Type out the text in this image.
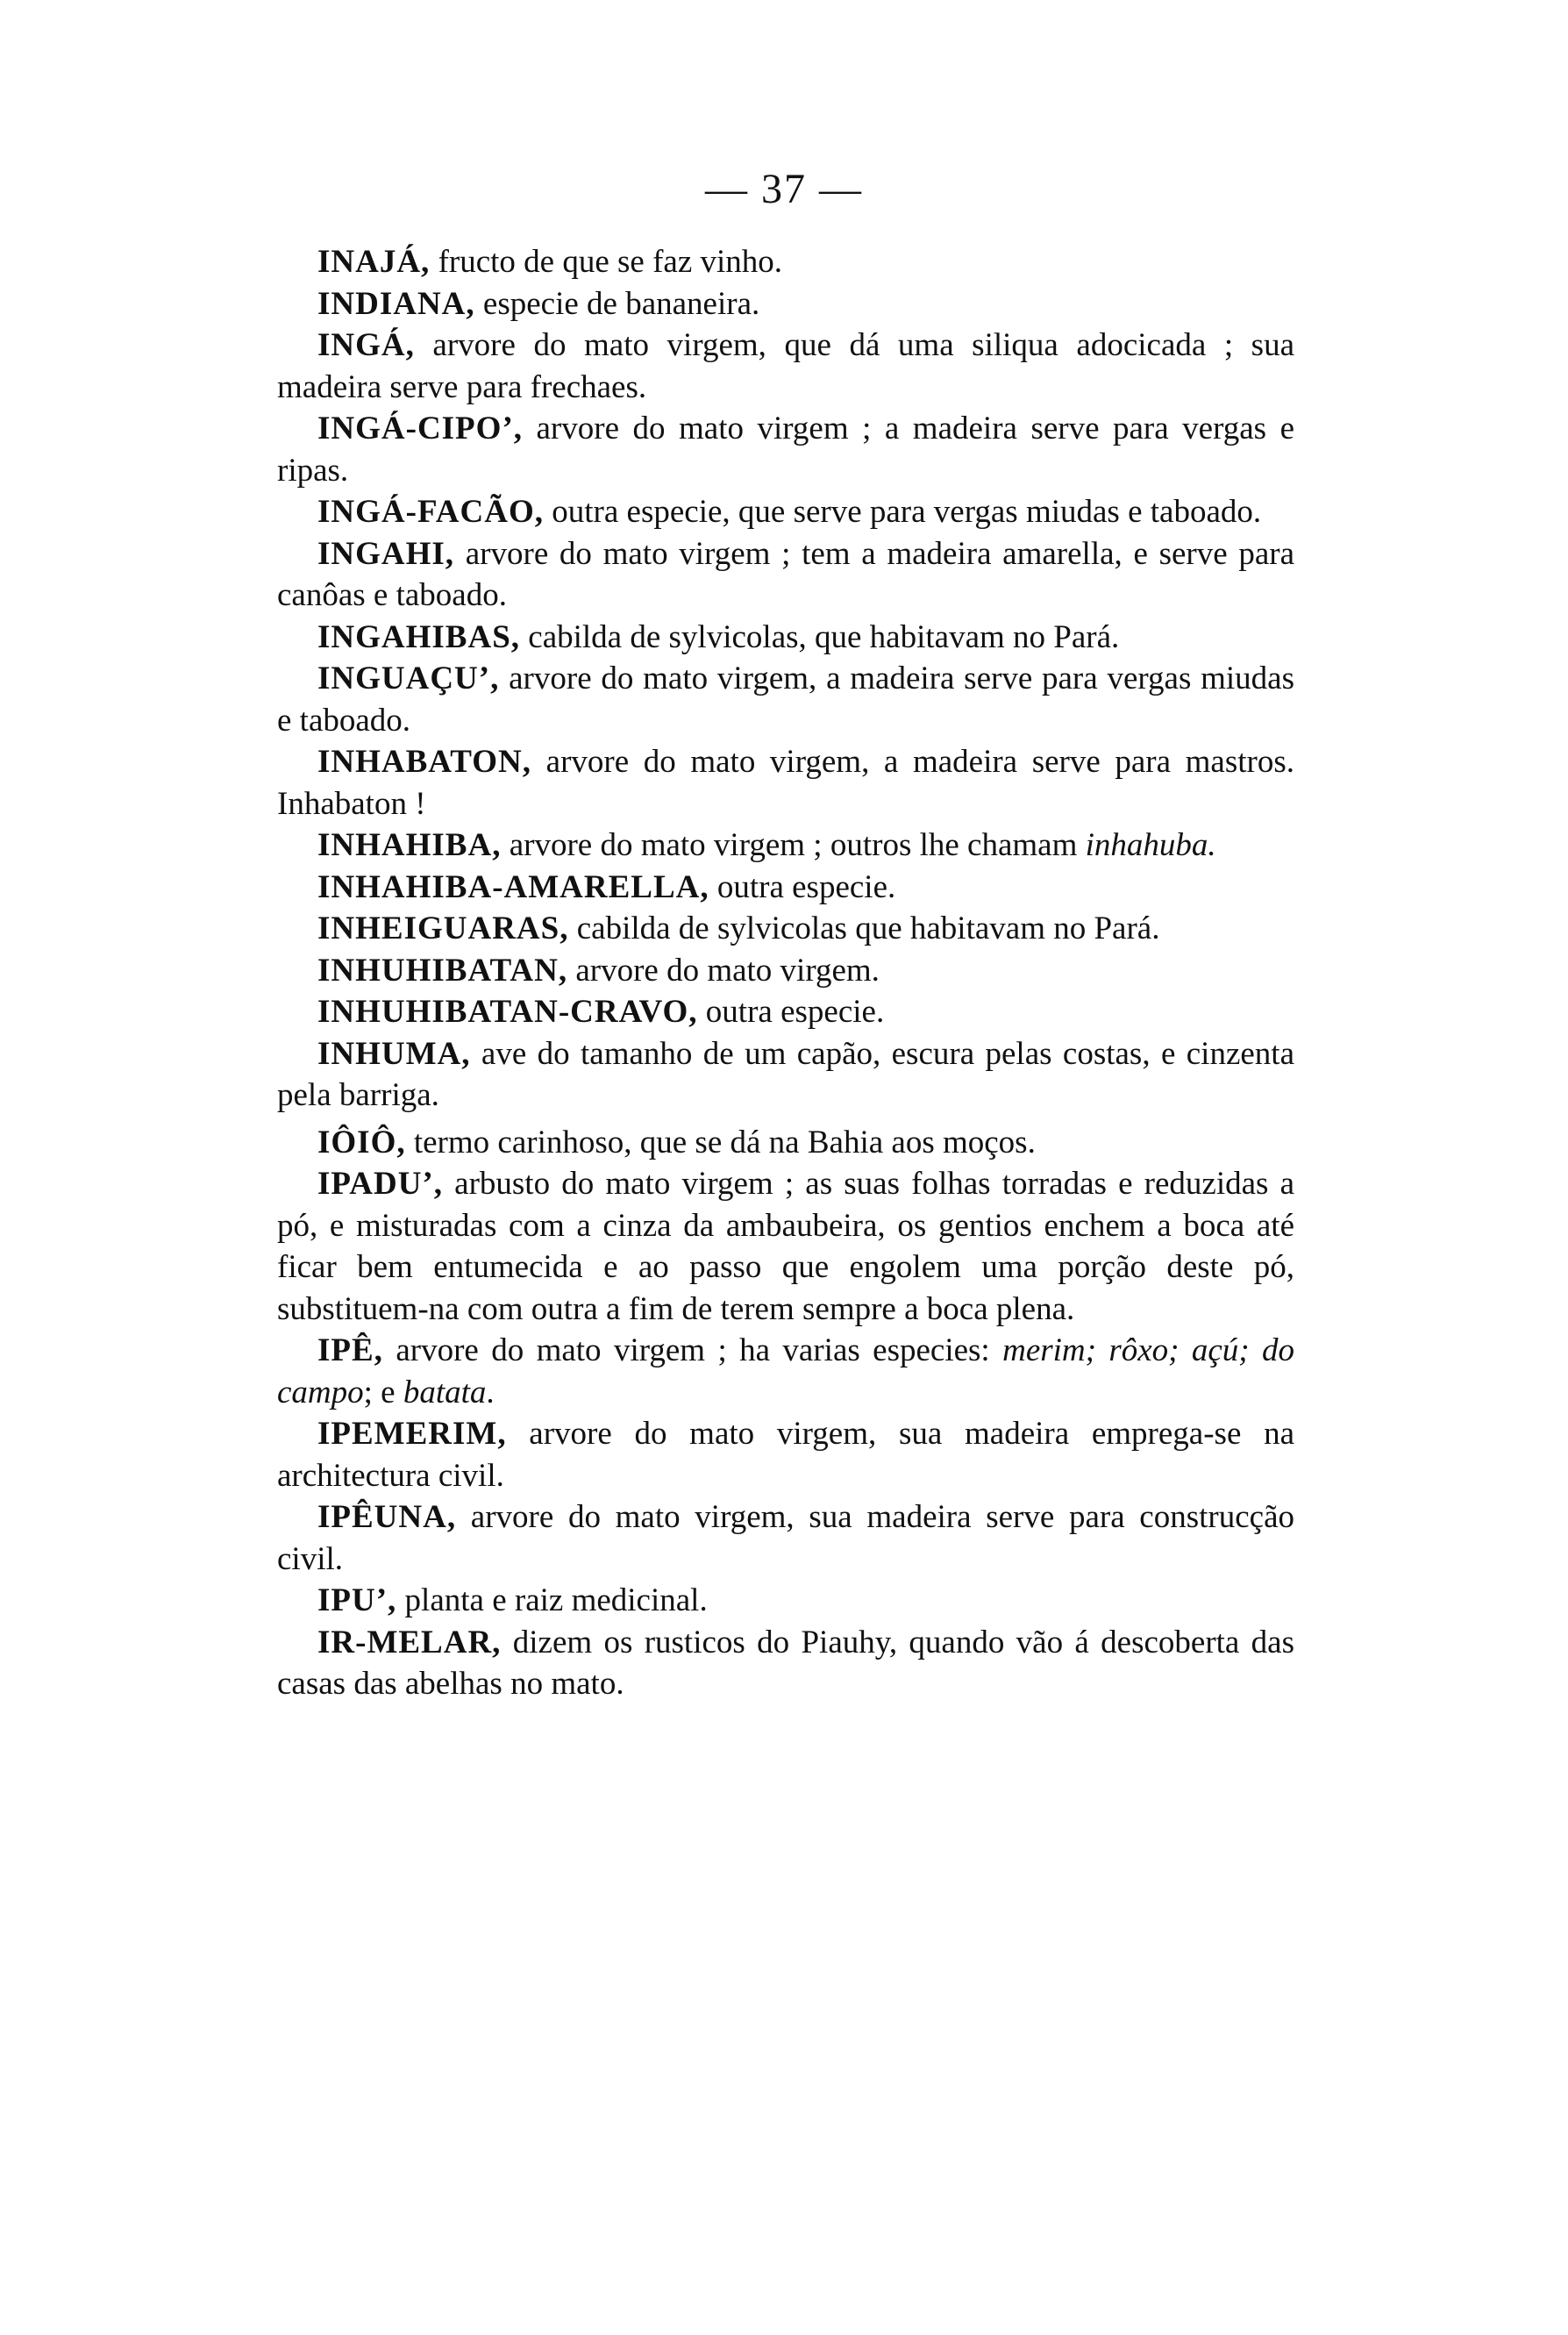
— 37 —

INAJÁ, fructo de que se faz vinho.

INDIANA, especie de bananeira.

INGÁ, arvore do mato virgem, que dá uma siliqua adocicada ; sua madeira serve para frechaes.

INGÁ-CIPO’, arvore do mato virgem ; a madeira serve para vergas e ripas.

INGÁ-FACÃO, outra especie, que serve para vergas miudas e taboado.

INGAHI, arvore do mato virgem ; tem a madeira amarella, e serve para canôas e taboado.

INGAHIBAS, cabilda de sylvicolas, que habitavam no Pará.

INGUAÇU’, arvore do mato virgem, a madeira serve para vergas miudas e taboado.

INHABATON, arvore do mato virgem, a madeira serve para mastros. Inhabaton !

INHAHIBA, arvore do mato virgem ; outros lhe chamam inhahuba.

INHAHIBA-AMARELLA, outra especie.

INHEIGUARAS, cabilda de sylvicolas que habitavam no Pará.

INHUHIBATAN, arvore do mato virgem.

INHUHIBATAN-CRAVO, outra especie.

INHUMA, ave do tamanho de um capão, escura pelas costas, e cinzenta pela barriga.

IÔIÔ, termo carinhoso, que se dá na Bahia aos moços.

IPADU’, arbusto do mato virgem ; as suas folhas torradas e reduzidas a pó, e misturadas com a cinza da ambaubeira, os gentios enchem a boca até ficar bem entumecida e ao passo que engolem uma porção deste pó, substituem-na com outra a fim de terem sempre a boca plena.

IPÊ, arvore do mato virgem ; ha varias especies: merim; rôxo; açú; do campo; e batata.

IPEMERIM, arvore do mato virgem, sua madeira emprega-se na architectura civil.

IPÊUNA, arvore do mato virgem, sua madeira serve para construcção civil.

IPU’, planta e raiz medicinal.

IR-MELAR, dizem os rusticos do Piauhy, quando vão á descoberta das casas das abelhas no mato.
